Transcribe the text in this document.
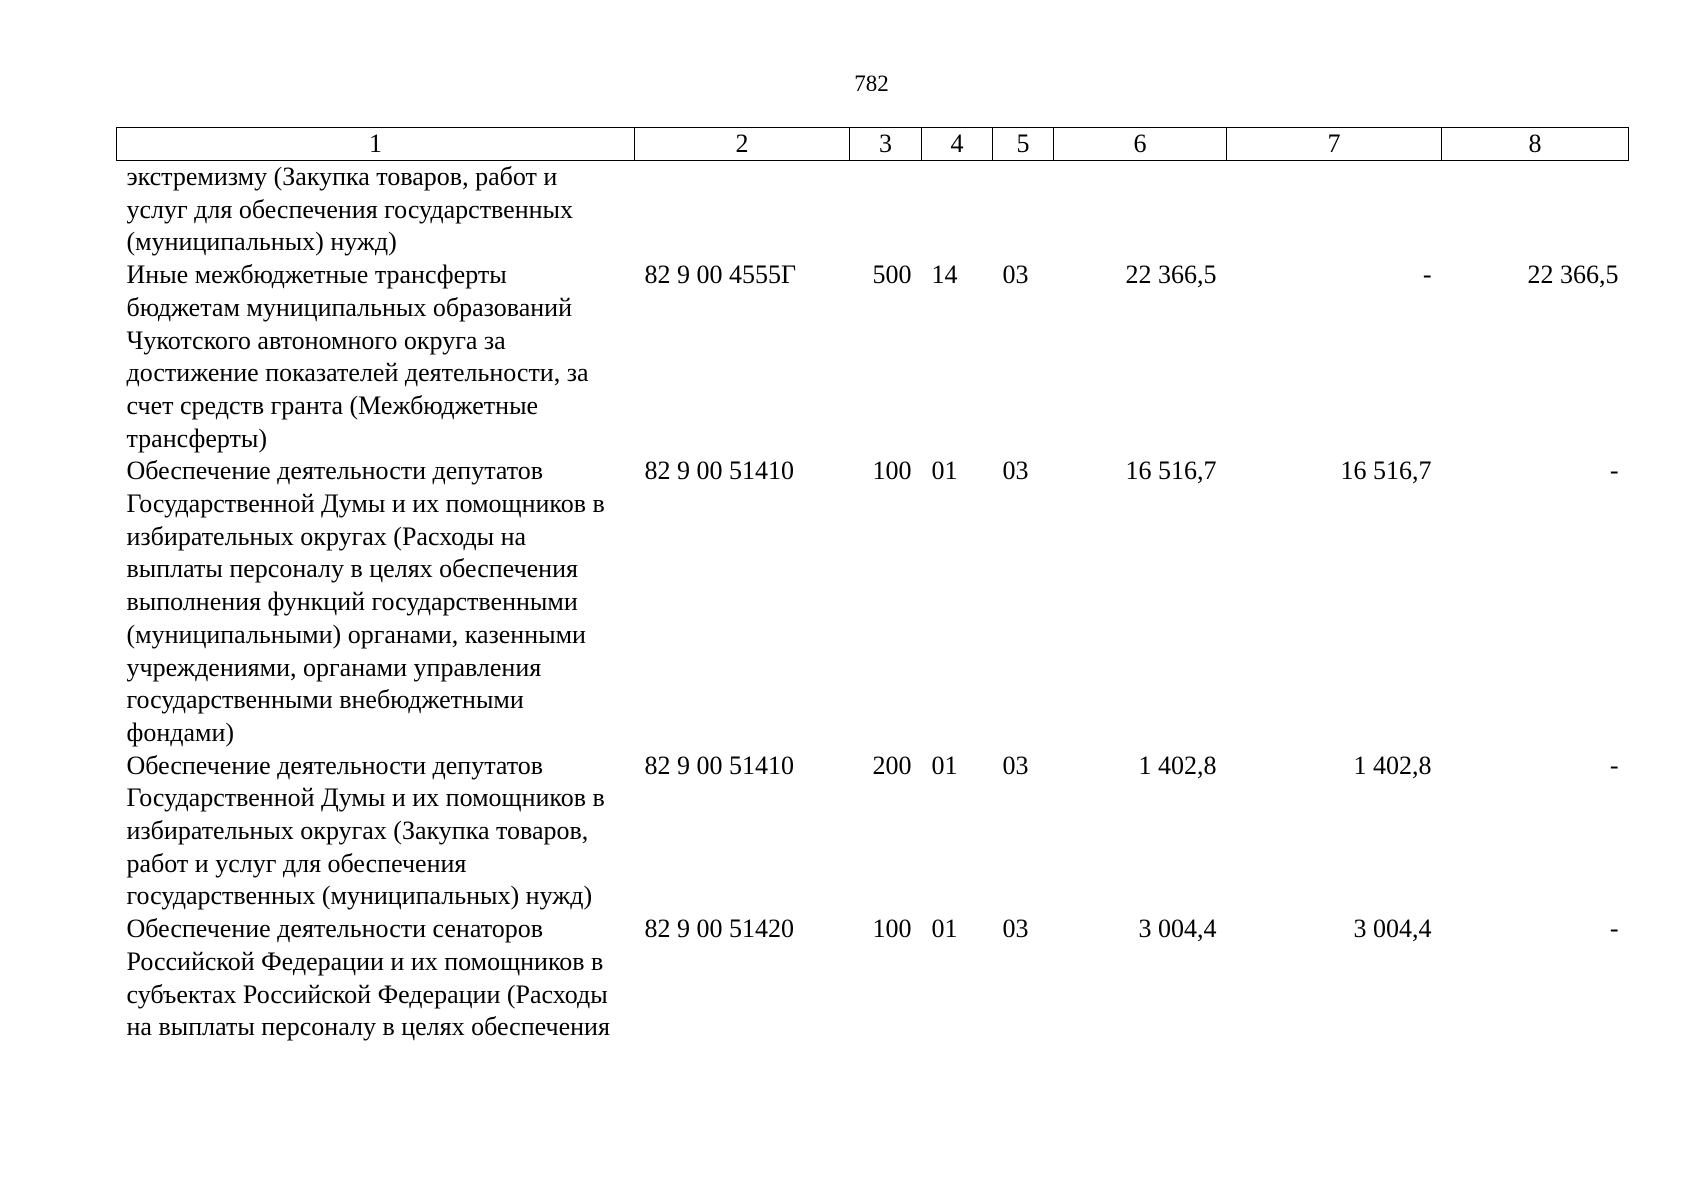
782
1	2	3	4	5	6	7	8
экстремизму (Закупка товаров, работ и услуг для обеспечения государственных (муниципальных) нужд)							
Иные межбюджетные трансферты бюджетам муниципальных образований Чукотского автономного округа за достижение показателей деятельности, за счет средств гранта (Межбюджетные трансферты)	82 9 00 4555Г	500	14	03	22 366,5	-	22 366,5
Обеспечение деятельности депутатов Государственной Думы и их помощников в избирательных округах (Расходы на выплаты персоналу в целях обеспечения выполнения функций государственными (муниципальными) органами, казенными учреждениями, органами управления государственными внебюджетными фондами)	82 9 00 51410	100	01	03	16 516,7	16 516,7	-
Обеспечение деятельности депутатов Государственной Думы и их помощников в избирательных округах (Закупка товаров, работ и услуг для обеспечения государственных (муниципальных) нужд)	82 9 00 51410	200	01	03	1 402,8	1 402,8	-
Обеспечение деятельности сенаторов Российской Федерации и их помощников в субъектах Российской Федерации (Расходы на выплаты персоналу в целях обеспечения	82 9 00 51420	100	01	03	3 004,4	3 004,4	-
